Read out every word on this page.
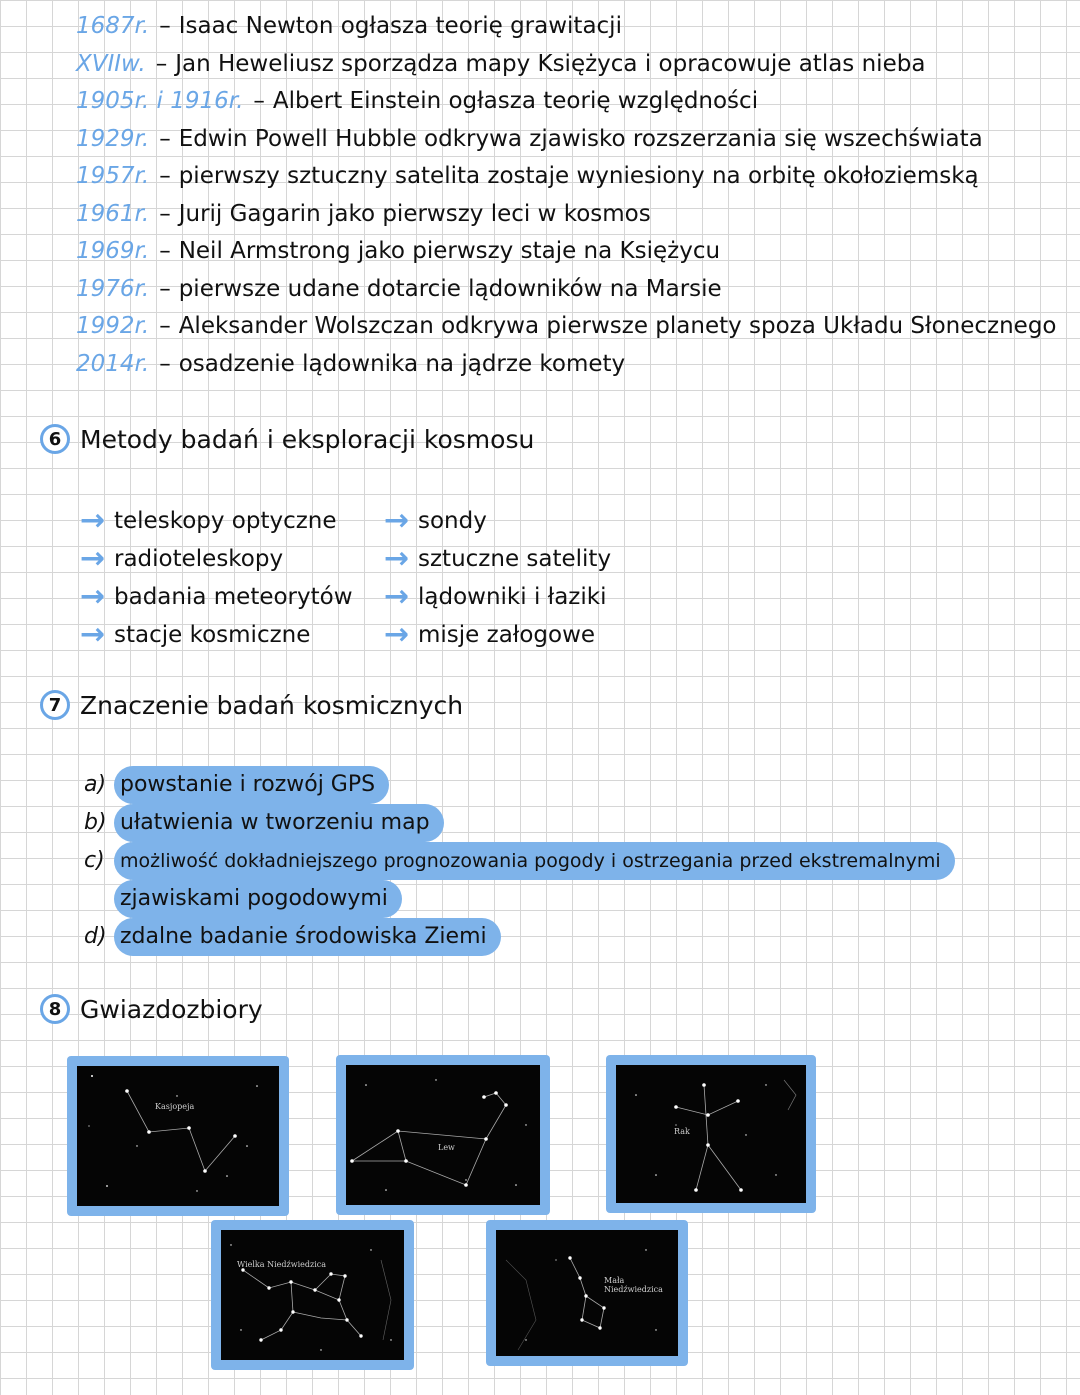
1687r. – Isaac Newton ogłasza teorię grawitacji
XVIIw. – Jan Heweliusz sporządza mapy Księżyca i opracowuje atlas nieba
1905r. i 1916r. – Albert Einstein ogłasza teorię względności
1929r. – Edwin Powell Hubble odkrywa zjawisko rozszerzania się wszechświata
1957r. – pierwszy sztuczny satelita zostaje wyniesiony na orbitę okołoziemską
1961r. – Jurij Gagarin jako pierwszy leci w kosmos
1969r. – Neil Armstrong jako pierwszy staje na Księżycu
1976r. – pierwsze udane dotarcie lądowników na Marsie
1992r. – Aleksander Wolszczan odkrywa pierwsze planety spoza Układu Słonecznego
2014r. – osadzenie lądownika na jądrze komety
6 Metody badań i eksploracji kosmosu
→ teleskopy optyczne
→ radioteleskopy
→ badania meteorytów
→ stacje kosmiczne
→ sondy
→ sztuczne satelity
→ lądowniki i łaziki
→ misje załogowe
7 Znaczenie badań kosmicznych
a) powstanie i rozwój GPS
b) ułatwienia w tworzeniu map
c) możliwość dokładniejszego prognozowania pogody i ostrzegania przed ekstremalnymi
zjawiskami pogodowymi
d) zdalne badanie środowiska Ziemi
8 Gwiazdozbiory
Kasjopeja
Lew
Rak
Wielka Niedźwiedzica
Mała Niedźwiedzica
